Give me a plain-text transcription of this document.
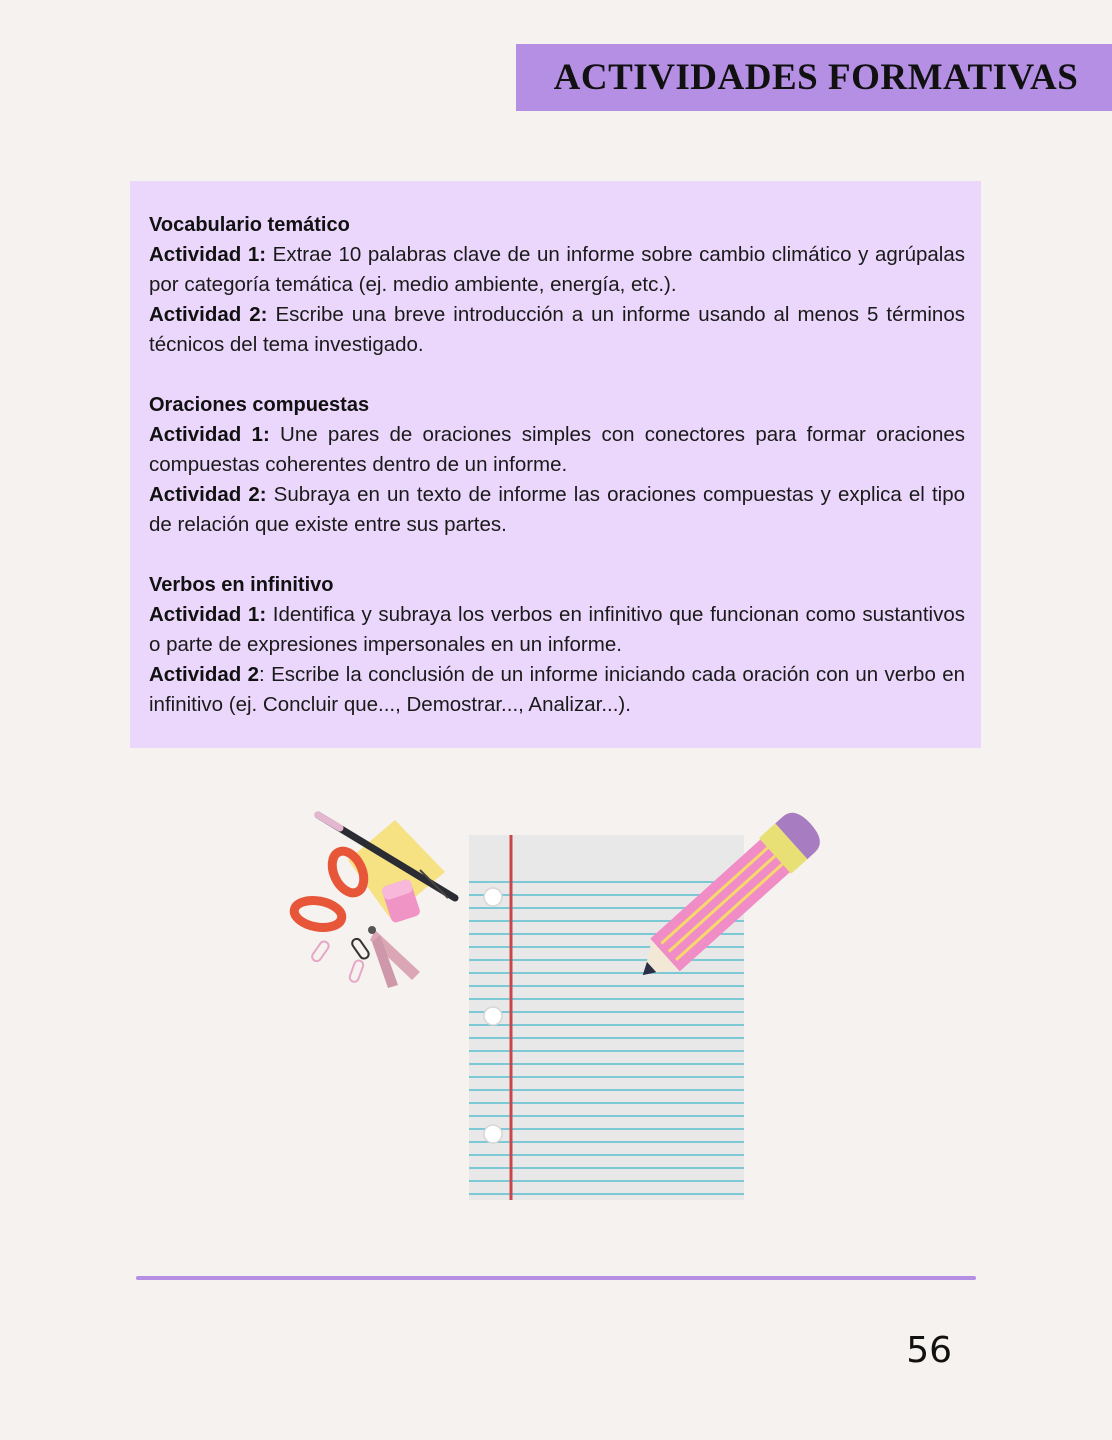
ACTIVIDADES FORMATIVAS
Vocabulario temático
Actividad 1: Extrae 10 palabras clave de un informe sobre cambio climático y agrúpalas por categoría temática (ej. medio ambiente, energía, etc.).
Actividad 2: Escribe una breve introducción a un informe usando al menos 5 términos técnicos del tema investigado.
Oraciones compuestas
Actividad 1: Une pares de oraciones simples con conectores para formar oraciones compuestas coherentes dentro de un informe.
Actividad 2: Subraya en un texto de informe las oraciones compuestas y explica el tipo de relación que existe entre sus partes.
Verbos en infinitivo
Actividad 1: Identifica y subraya los verbos en infinitivo que funcionan como sustantivos o parte de expresiones impersonales en un informe.
Actividad 2: Escribe la conclusión de un informe iniciando cada oración con un verbo en infinitivo (ej. Concluir que..., Demostrar..., Analizar...).
56
